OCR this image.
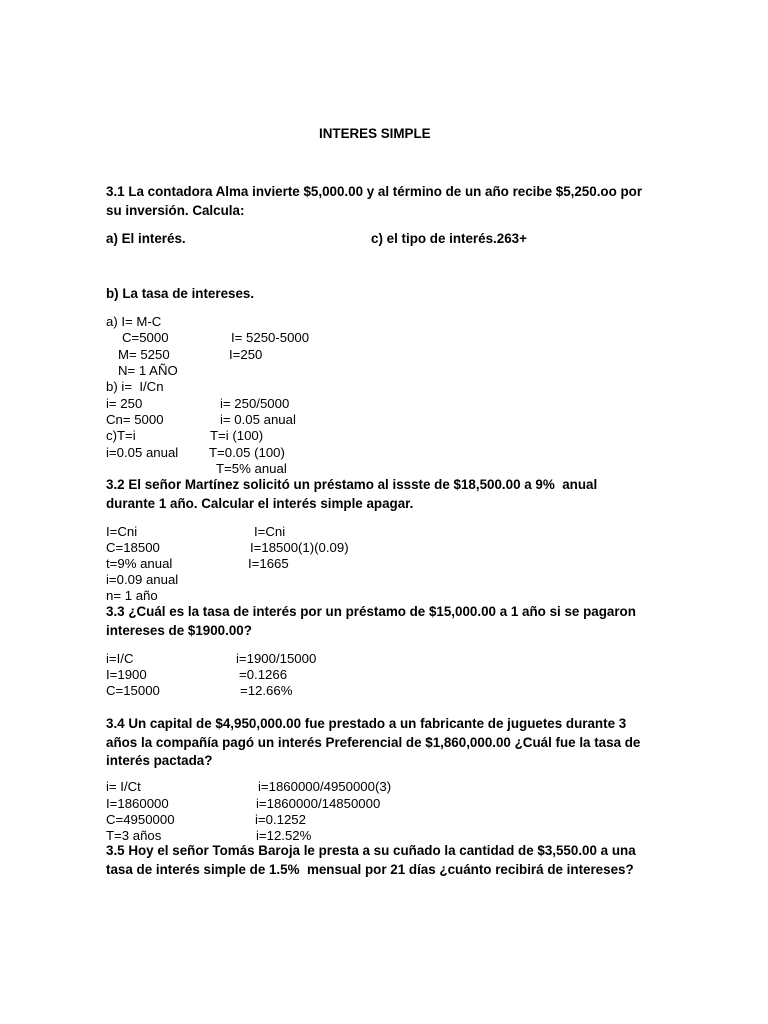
INTERES SIMPLE
3.1 La contadora Alma invierte $5,000.00 y al término de un año recibe $5,250.oo por
su inversión. Calcula:
a) El interés.	c) el tipo de interés.263+
b) La tasa de intereses.
a) I= M-C
C=5000	I= 5250-5000
M= 5250	I=250
N= 1 AÑO
b) i=  I/Cn
i= 250	i= 250/5000
Cn= 5000	i= 0.05 anual
c)T=i	T=i (100)
i=0.05 anual T=0.05 (100)
T=5% anual
3.2 El señor Martínez solicitó un préstamo al issste de $18,500.00 a 9%  anual
durante 1 año. Calcular el interés simple apagar.
I=Cni	I=Cni
C=18500	I=18500(1)(0.09)
t=9% anual	I=1665
i=0.09 anual
n= 1 año
3.3 ¿Cuál es la tasa de interés por un préstamo de $15,000.00 a 1 año si se pagaron
intereses de $1900.00?
i=I/C	i=1900/15000
I=1900	=0.1266
C=15000	=12.66%
3.4 Un capital de $4,950,000.00 fue prestado a un fabricante de juguetes durante 3
años la compañía pagó un interés Preferencial de $1,860,000.00 ¿Cuál fue la tasa de
interés pactada?
i= I/Ct	i=1860000/4950000(3)
I=1860000	i=1860000/14850000
C=4950000	i=0.1252
T=3 años	i=12.52%
3.5 Hoy el señor Tomás Baroja le presta a su cuñado la cantidad de $3,550.00 a una
tasa de interés simple de 1.5%  mensual por 21 días ¿cuánto recibirá de intereses?
